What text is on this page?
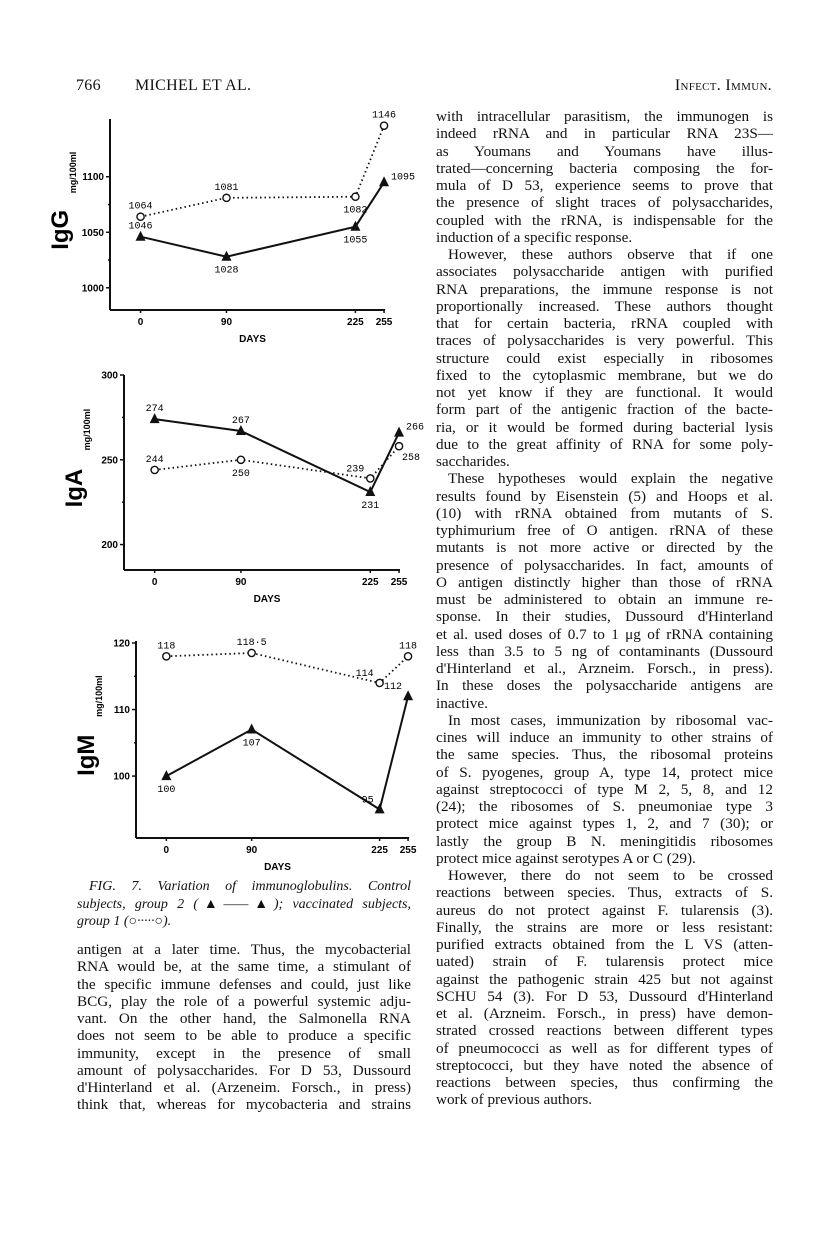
766 MICHEL ET AL.	Infect. Immun.
1000
1050
1100
0	90	225 255
DAYS
IgG
mg/100ml
1046
1028
1055
1095
1064
1081
1082
1146
200
250
300
0	90	225 255
DAYS
IgA
mg/100ml	274
267
231
266
244
250	239
258
100
110
120
0	90	225 255
DAYS
IgM
mg/100ml
100
107
95
112
118	118·5
114
118
FIG. 7. Variation of immunoglobulins. Control
subjects, group 2 (▲——▲); vaccinated subjects,
group 1 (○·····○).
antigen at a later time. Thus, the mycobacterial
RNA would be, at the same time, a stimulant of
the specific immune defenses and could, just like
BCG, play the role of a powerful systemic adju-
vant. On the other hand, the Salmonella RNA
does not seem to be able to produce a specific
immunity, except in the presence of small
amount of polysaccharides. For D 53, Dussourd
d'Hinterland et al. (Arzeneim. Forsch., in press)
think that, whereas for mycobacteria and strains
with intracellular parasitism, the immunogen is
indeed rRNA and in particular RNA 23S—
as Youmans and Youmans have illus-
trated—concerning bacteria composing the for-
mula of D 53, experience seems to prove that
the presence of slight traces of polysaccharides,
coupled with the rRNA, is indispensable for the
induction of a specific response.
However, these authors observe that if one
associates polysaccharide antigen with purified
RNA preparations, the immune response is not
proportionally increased. These authors thought
that for certain bacteria, rRNA coupled with
traces of polysaccharides is very powerful. This
structure could exist especially in ribosomes
fixed to the cytoplasmic membrane, but we do
not yet know if they are functional. It would
form part of the antigenic fraction of the bacte-
ria, or it would be formed during bacterial lysis
due to the great affinity of RNA for some poly-
saccharides.
These hypotheses would explain the negative
results found by Eisenstein (5) and Hoops et al.
(10) with rRNA obtained from mutants of S.
typhimurium free of O antigen. rRNA of these
mutants is not more active or directed by the
presence of polysaccharides. In fact, amounts of
O antigen distinctly higher than those of rRNA
must be administered to obtain an immune re-
sponse. In their studies, Dussourd d'Hinterland
et al. used doses of 0.7 to 1 μg of rRNA containing
less than 3.5 to 5 ng of contaminants (Dussourd
d'Hinterland et al., Arzneim. Forsch., in press).
In these doses the polysaccharide antigens are
inactive.
In most cases, immunization by ribosomal vac-
cines will induce an immunity to other strains of
the same species. Thus, the ribosomal proteins
of S. pyogenes, group A, type 14, protect mice
against streptococci of type M 2, 5, 8, and 12
(24); the ribosomes of S. pneumoniae type 3
protect mice against types 1, 2, and 7 (30); or
lastly the group B N. meningitidis ribosomes
protect mice against serotypes A or C (29).
However, there do not seem to be crossed
reactions between species. Thus, extracts of S.
aureus do not protect against F. tularensis (3).
Finally, the strains are more or less resistant:
purified extracts obtained from the L VS (atten-
uated) strain of F. tularensis protect mice
against the pathogenic strain 425 but not against
SCHU 54 (3). For D 53, Dussourd d'Hinterland
et al. (Arzneim. Forsch., in press) have demon-
strated crossed reactions between different types
of pneumococci as well as for different types of
streptococci, but they have noted the absence of
reactions between species, thus confirming the
work of previous authors.
